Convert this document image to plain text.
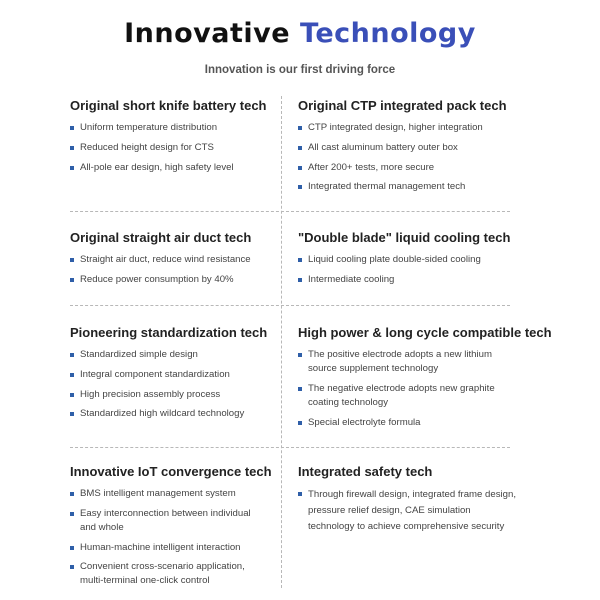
Innovative Technology
Innovation is our first driving force
Original short knife battery tech
Uniform temperature distribution
Reduced height design for CTS
All-pole ear design, high safety level
Original CTP integrated pack tech
CTP integrated design, higher integration
All cast aluminum battery outer box
After 200+ tests, more secure
Integrated thermal management tech
Original straight air duct tech
Straight air duct, reduce wind resistance
Reduce power consumption by 40%
"Double blade" liquid cooling tech
Liquid cooling plate double-sided cooling
Intermediate cooling
Pioneering standardization tech
Standardized simple design
Integral component standardization
High precision assembly process
Standardized high wildcard technology
High power & long cycle compatible tech
The positive electrode adopts a new lithium source supplement technology
The negative electrode adopts new graphite coating technology
Special electrolyte formula
Innovative IoT convergence tech
BMS intelligent management system
Easy interconnection between individual and whole
Human-machine intelligent interaction
Convenient cross-scenario application, multi-terminal one-click control
Integrated safety tech
Through firewall design, integrated frame design, pressure relief design, CAE simulation technology to achieve comprehensive security
